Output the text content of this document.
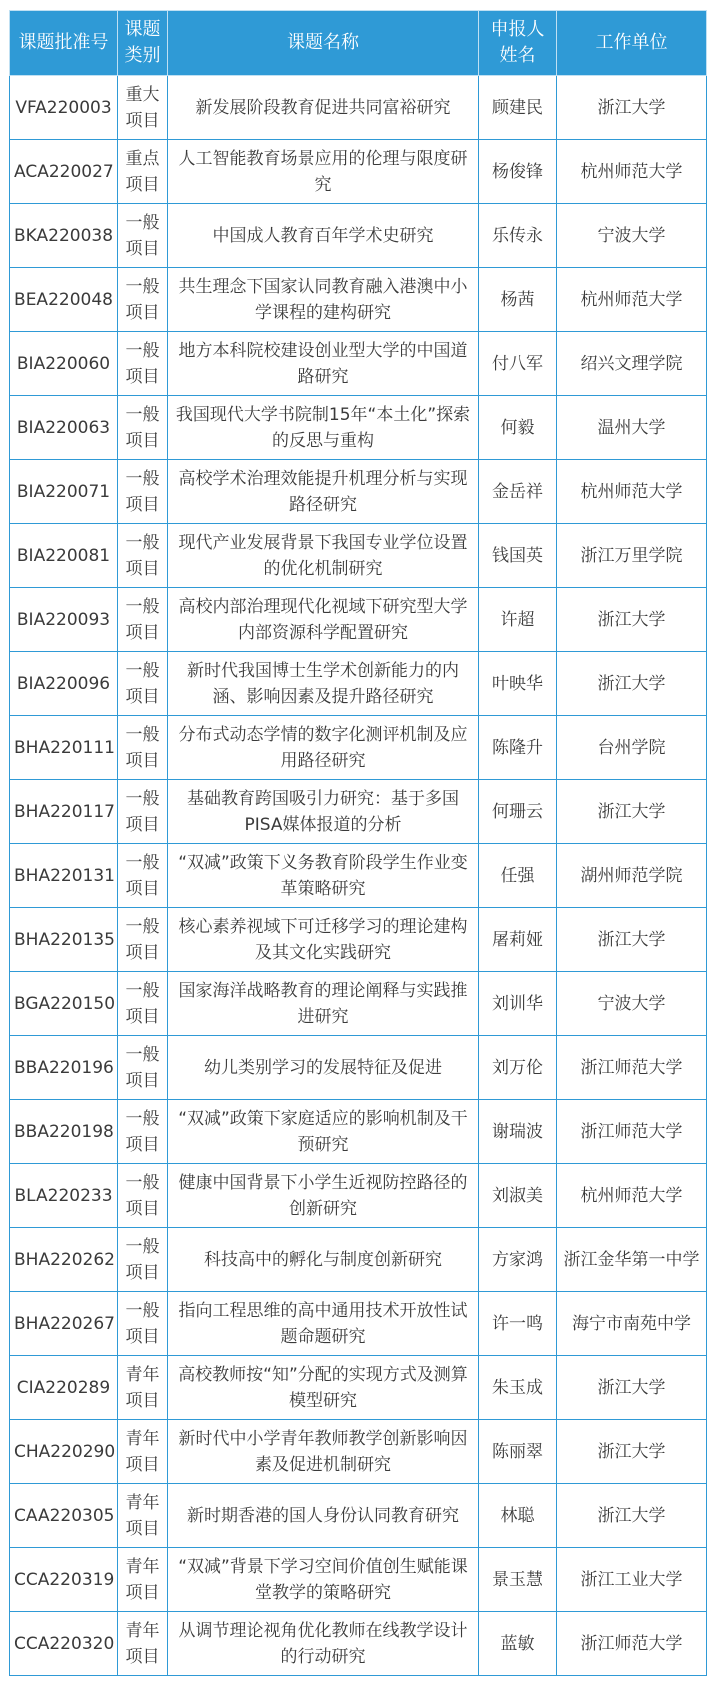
课题批准号	课题类别	课题名称	申报人姓名	工作单位
VFA220003	重大项目	新发展阶段教育促进共同富裕研究	顾建民	浙江大学
ACA220027	重点项目	人工智能教育场景应用的伦理与限度研究	杨俊锋	杭州师范大学
BKA220038	一般项目	中国成人教育百年学术史研究	乐传永	宁波大学
BEA220048	一般项目	共生理念下国家认同教育融入港澳中小学课程的建构研究	杨茜	杭州师范大学
BIA220060	一般项目	地方本科院校建设创业型大学的中国道路研究	付八军	绍兴文理学院
BIA220063	一般项目	我国现代大学书院制15年“本土化”探索的反思与重构	何毅	温州大学
BIA220071	一般项目	高校学术治理效能提升机理分析与实现路径研究	金岳祥	杭州师范大学
BIA220081	一般项目	现代产业发展背景下我国专业学位设置的优化机制研究	钱国英	浙江万里学院
BIA220093	一般项目	高校内部治理现代化视域下研究型大学内部资源科学配置研究	许超	浙江大学
BIA220096	一般项目	新时代我国博士生学术创新能力的内涵、影响因素及提升路径研究	叶映华	浙江大学
BHA220111	一般项目	分布式动态学情的数字化测评机制及应用路径研究	陈隆升	台州学院
BHA220117	一般项目	基础教育跨国吸引力研究：基于多国PISA媒体报道的分析	何珊云	浙江大学
BHA220131	一般项目	“双减”政策下义务教育阶段学生作业变革策略研究	任强	湖州师范学院
BHA220135	一般项目	核心素养视域下可迁移学习的理论建构及其文化实践研究	屠莉娅	浙江大学
BGA220150	一般项目	国家海洋战略教育的理论阐释与实践推进研究	刘训华	宁波大学
BBA220196	一般项目	幼儿类别学习的发展特征及促进	刘万伦	浙江师范大学
BBA220198	一般项目	“双减”政策下家庭适应的影响机制及干预研究	谢瑞波	浙江师范大学
BLA220233	一般项目	健康中国背景下小学生近视防控路径的创新研究	刘淑美	杭州师范大学
BHA220262	一般项目	科技高中的孵化与制度创新研究	方家鸿	浙江金华第一中学
BHA220267	一般项目	指向工程思维的高中通用技术开放性试题命题研究	许一鸣	海宁市南苑中学
CIA220289	青年项目	高校教师按“知”分配的实现方式及测算模型研究	朱玉成	浙江大学
CHA220290	青年项目	新时代中小学青年教师教学创新影响因素及促进机制研究	陈丽翠	浙江大学
CAA220305	青年项目	新时期香港的国人身份认同教育研究	林聪	浙江大学
CCA220319	青年项目	“双减”背景下学习空间价值创生赋能课堂教学的策略研究	景玉慧	浙江工业大学
CCA220320	青年项目	从调节理论视角优化教师在线教学设计的行动研究	蓝敏	浙江师范大学
